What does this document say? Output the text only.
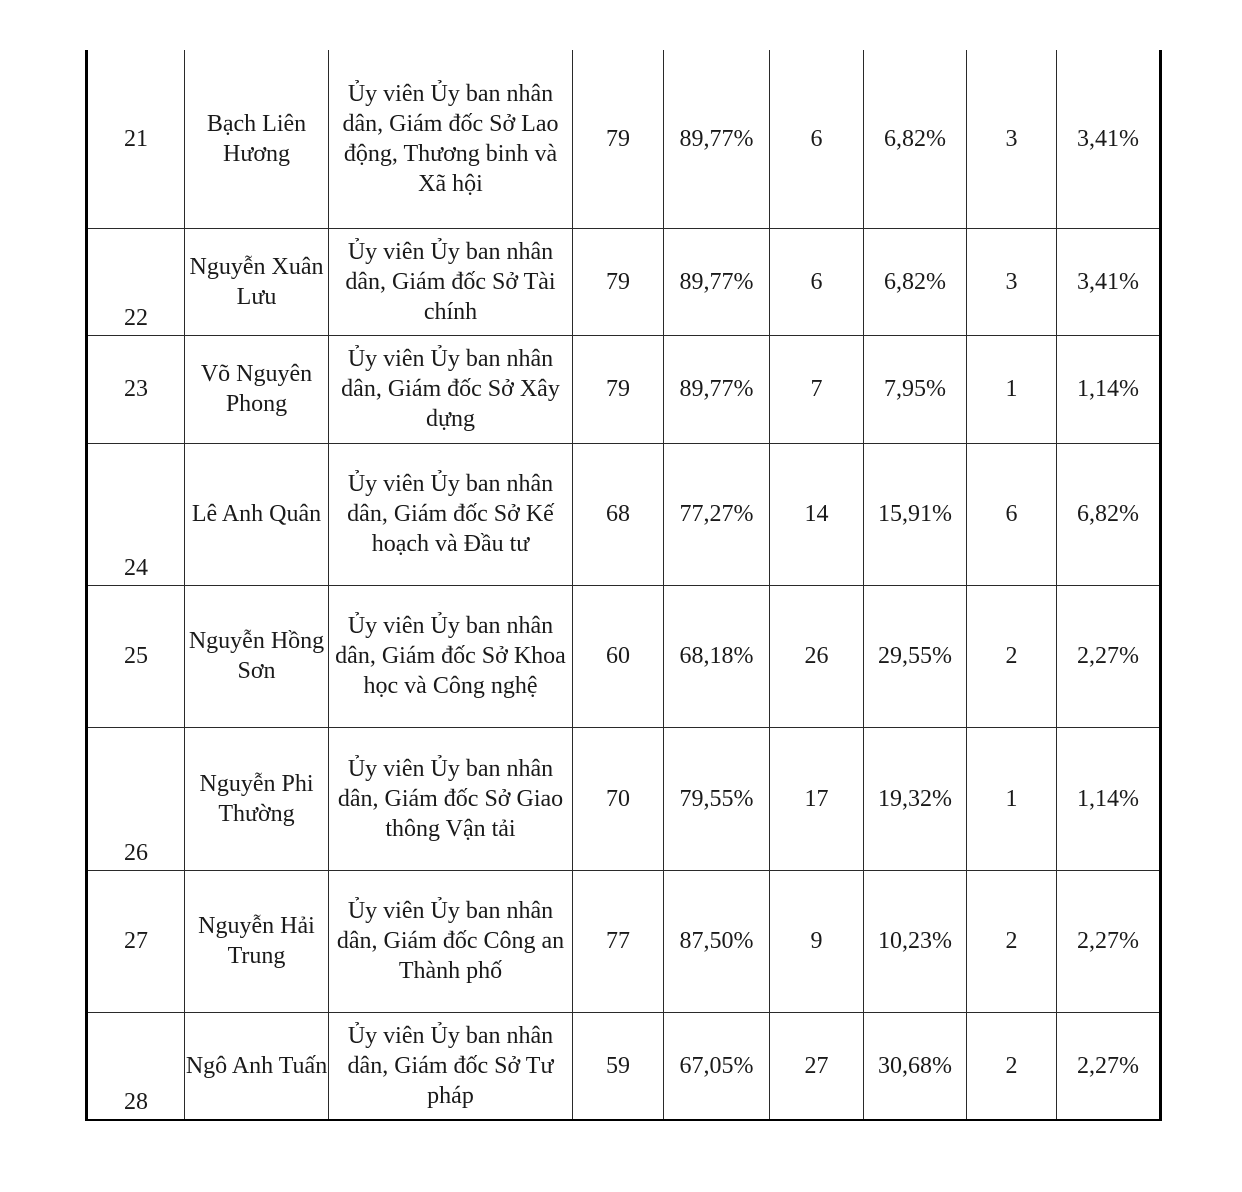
21	Bạch Liên Hương	Ủy viên Ủy ban nhân dân, Giám đốc Sở Lao động, Thương binh và Xã hội	79	89,77%	6	6,82%	3	3,41%
22	Nguyễn Xuân Lưu	Ủy viên Ủy ban nhân dân, Giám đốc Sở Tài chính	79	89,77%	6	6,82%	3	3,41%
23	Võ Nguyên Phong	Ủy viên Ủy ban nhân dân, Giám đốc Sở Xây dựng	79	89,77%	7	7,95%	1	1,14%
24	Lê Anh Quân	Ủy viên Ủy ban nhân dân, Giám đốc Sở Kế hoạch và Đầu tư	68	77,27%	14	15,91%	6	6,82%
25	Nguyễn Hồng Sơn	Ủy viên Ủy ban nhân dân, Giám đốc Sở Khoa học và Công nghệ	60	68,18%	26	29,55%	2	2,27%
26	Nguyễn Phi Thường	Ủy viên Ủy ban nhân dân, Giám đốc Sở Giao thông Vận tải	70	79,55%	17	19,32%	1	1,14%
27	Nguyễn Hải Trung	Ủy viên Ủy ban nhân dân, Giám đốc Công an Thành phố	77	87,50%	9	10,23%	2	2,27%
28	Ngô Anh Tuấn	Ủy viên Ủy ban nhân dân, Giám đốc Sở Tư pháp	59	67,05%	27	30,68%	2	2,27%
